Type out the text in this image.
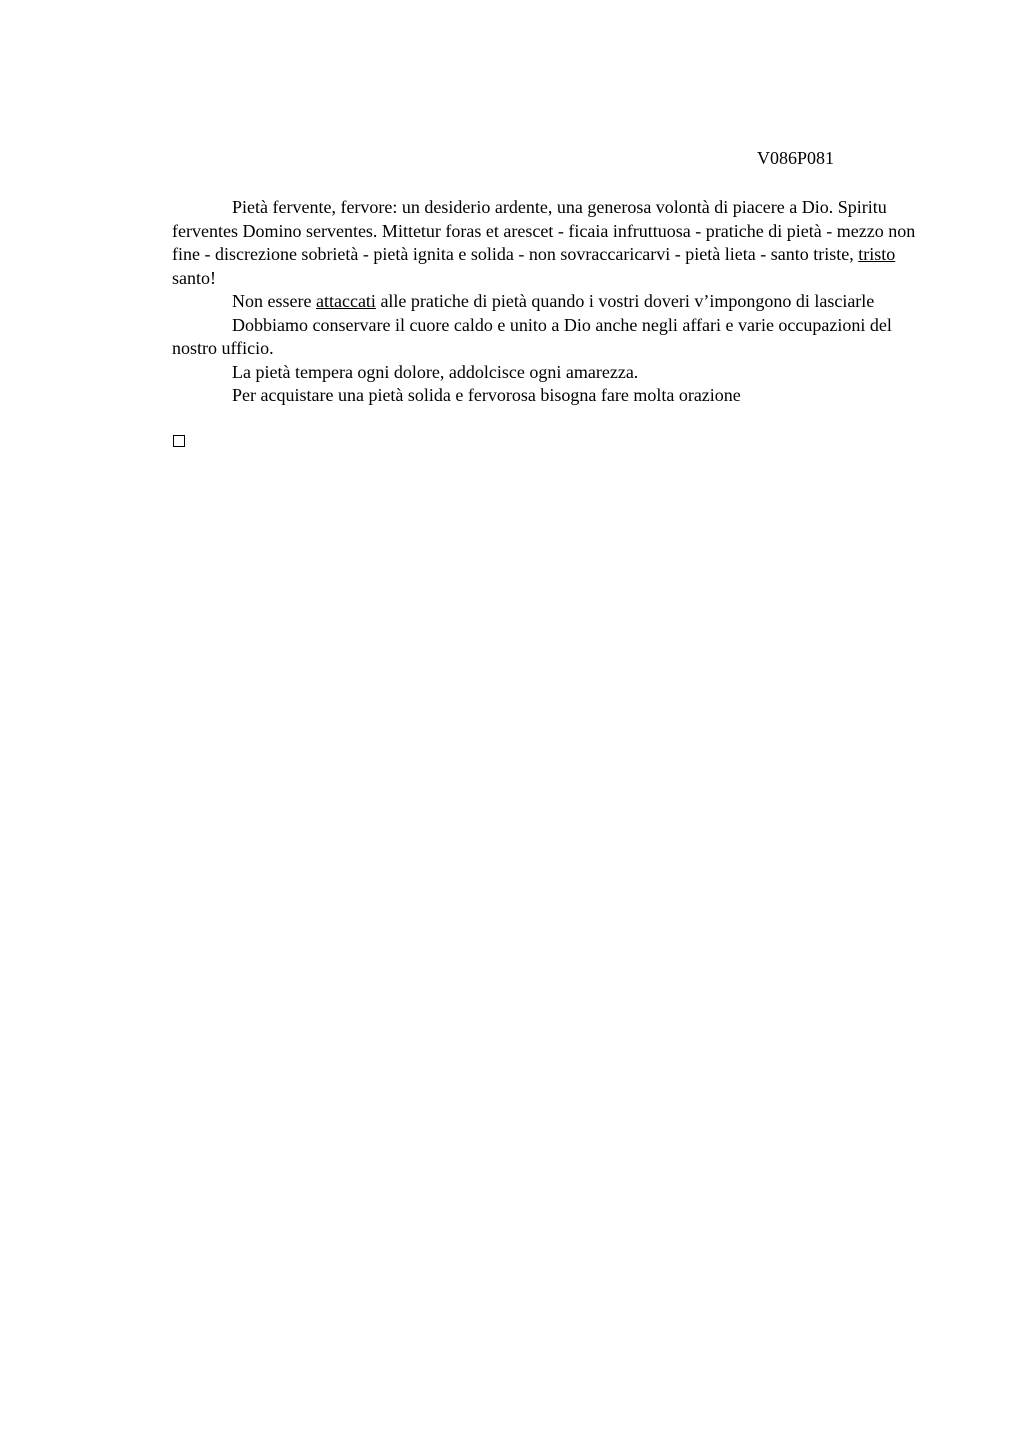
V086P081

Pietà fervente, fervore: un desiderio ardente, una generosa volontà di piacere a Dio. Spiritu ferventes Domino serventes. Mittetur foras et arescet - ficaia infruttuosa - pratiche di pietà - mezzo non fine - discrezione sobrietà - pietà ignita e solida - non sovraccaricarvi - pietà lieta - santo triste, tristo santo!

Non essere attaccati alle pratiche di pietà quando i vostri doveri v’impongono di lasciarle

Dobbiamo conservare il cuore caldo e unito a Dio anche negli affari e varie occupazioni del nostro ufficio.

La pietà tempera ogni dolore, addolcisce ogni amarezza.

Per acquistare una pietà solida e fervorosa bisogna fare molta orazione
